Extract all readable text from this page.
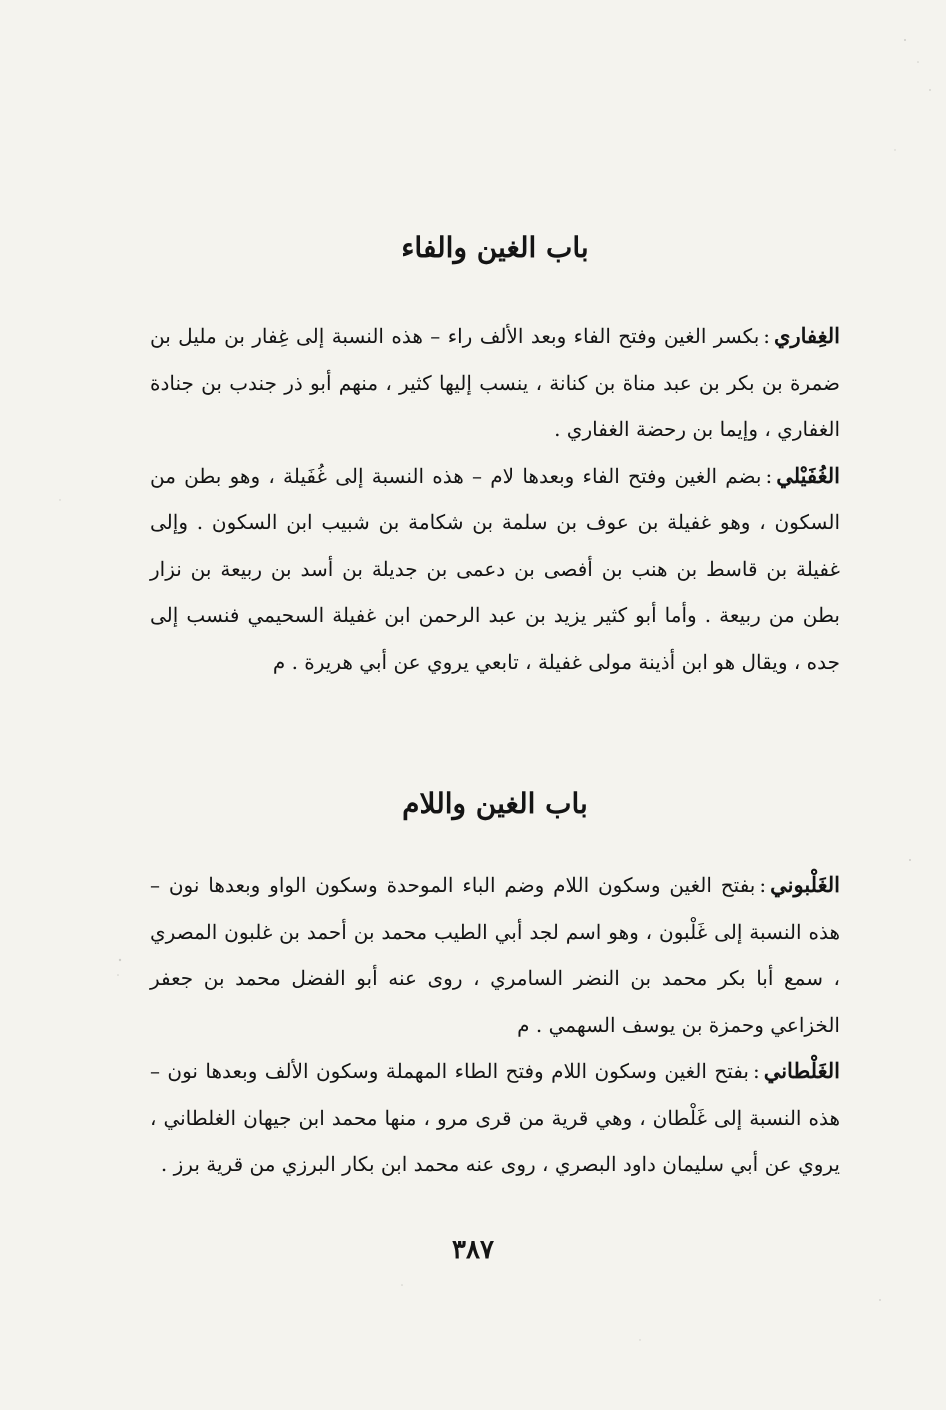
باب الغين والفاء

الغِفاري:بكسر الغين وفتح الفاء وبعد الألف راء – هذه النسبة إلى غِفار بن مليل بن ضمرة بن بكر بن عبد مناة بن كنانة ، ينسب إليها كثير ، منهم أبو ذر جندب بن جنادة الغفاري ، وإيما بن رحضة الغفاري .

الغُفَيْلي:بضم الغين وفتح الفاء وبعدها لام – هذه النسبة إلى غُفَيلة ، وهو بطن من السكون ، وهو غفيلة بن عوف بن سلمة بن شكامة بن شبيب ابن السكون . وإلى غفيلة بن قاسط بن هنب بن أفصى بن دعمى بن جديلة بن أسد بن ربيعة بن نزار بطن من ربيعة . وأما أبو كثير يزيد بن عبد الرحمن ابن غفيلة السحيمي فنسب إلى جده ، ويقال هو ابن أذينة مولى غفيلة ، تابعي يروي عن أبي هريرة . م

باب الغين واللام

الغَلْبوني:بفتح الغين وسكون اللام وضم الباء الموحدة وسكون الواو وبعدها نون – هذه النسبة إلى غَلْبون ، وهو اسم لجد أبي الطيب محمد بن أحمد بن غلبون المصري ، سمع أبا بكر محمد بن النضر السامري ، روى عنه أبو الفضل محمد بن جعفر الخزاعي وحمزة بن يوسف السهمي . م

الغَلْطاني:بفتح الغين وسكون اللام وفتح الطاء المهملة وسكون الألف وبعدها نون – هذه النسبة إلى غَلْطان ، وهي قرية من قرى مرو ، منها محمد ابن جيهان الغلطاني ، يروي عن أبي سليمان داود البصري ، روى عنه محمد ابن بكار البرزي من قرية برز .

٣٨٧
